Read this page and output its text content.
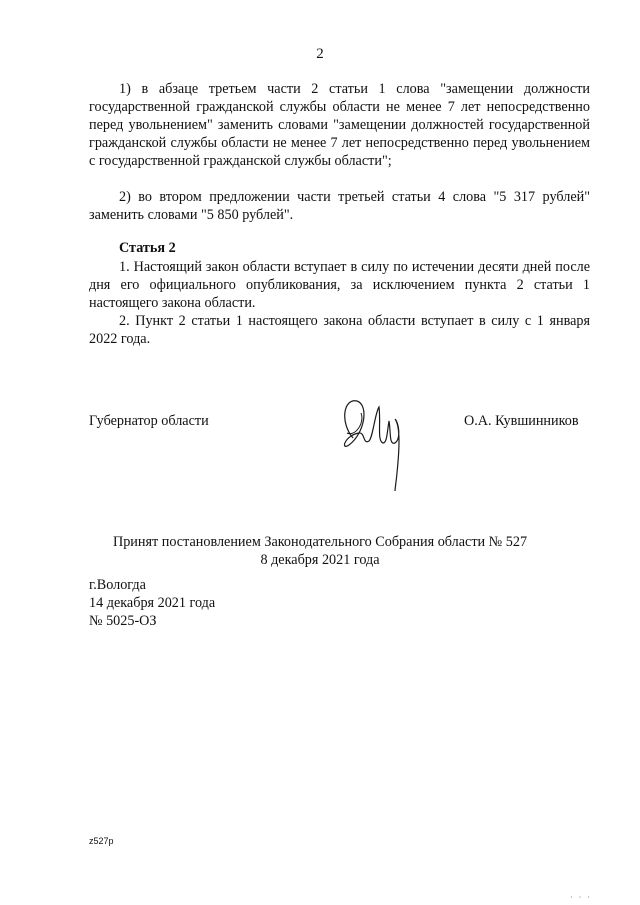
2

1) в абзаце третьем части 2 статьи 1 слова "замещении должности государственной гражданской службы области не менее 7 лет непосредственно перед увольнением" заменить словами "замещении должностей государственной гражданской службы области не менее 7 лет непосредственно перед увольнением с государственной гражданской службы области";

2) во втором предложении части третьей статьи 4 слова "5 317 рублей" заменить словами "5 850 рублей".

Статья 2

1. Настоящий закон области вступает в силу по истечении десяти дней после дня его официального опубликования, за исключением пункта 2 статьи 1 настоящего закона области.

2. Пункт 2 статьи 1 настоящего закона области вступает в силу с 1 января 2022 года.

Губернатор области	О.А. Кувшинников
Принят постановлением Законодательного Собрания области № 527
8 декабря 2021 года
г.Вологда
14 декабря 2021 года
№ 5025-ОЗ
z527p
· · ·
